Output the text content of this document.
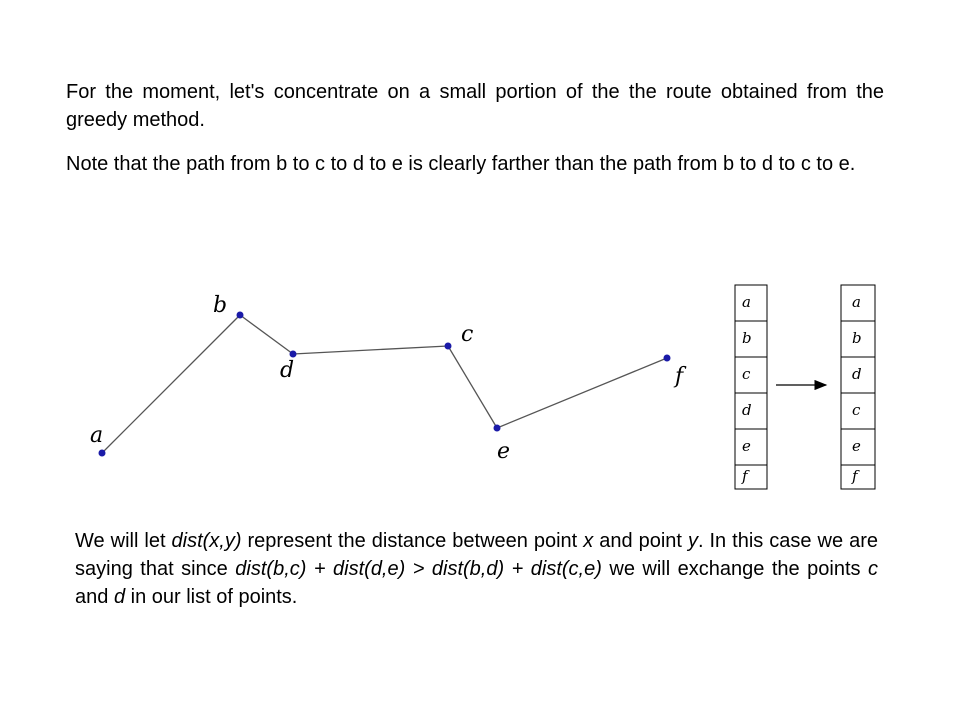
For the moment, let's concentrate on a small portion of the the route obtained from the greedy method.

Note that the path from b to c to d to e is clearly farther than the path from b to d to c to e.

a
b
d
c
e
f
a
b
c
d
e
f
a
b
d
c
e
f

We will let dist(x,y) represent the distance between point x and point y. In this case we are saying that since dist(b,c) + dist(d,e) > dist(b,d) + dist(c,e) we will exchange the points c and d in our list of points.
